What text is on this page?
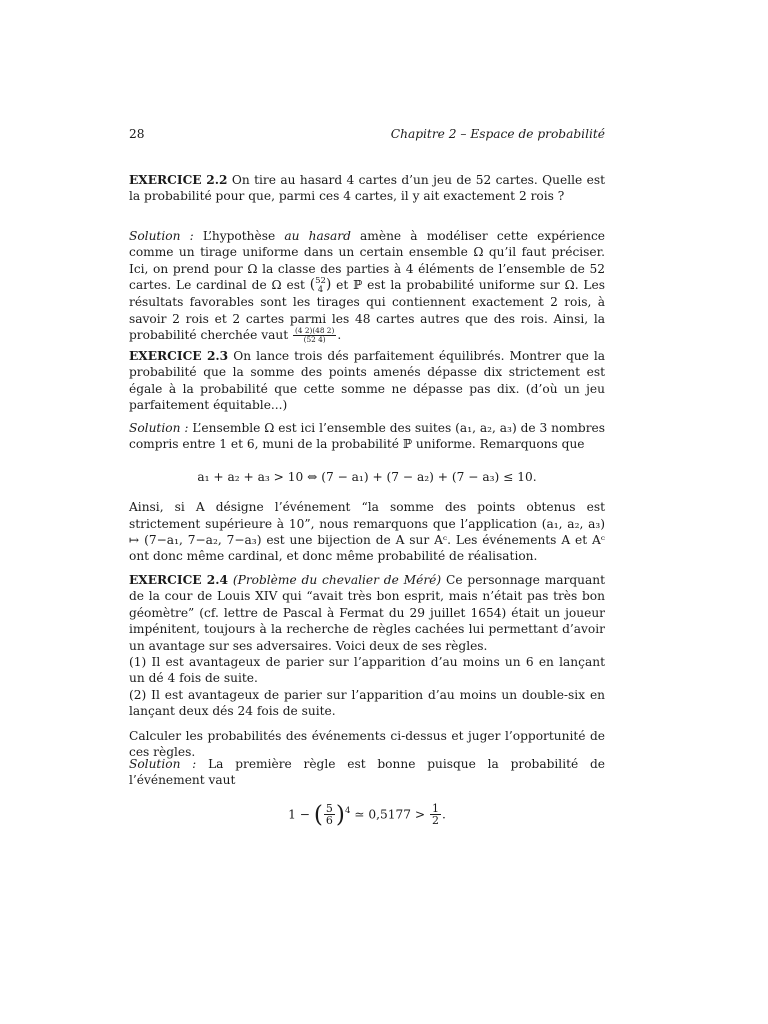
28	Chapitre 2 – Espace de probabilité

EXERCICE 2.2 On tire au hasard 4 cartes d’un jeu de 52 cartes. Quelle est la probabilité pour que, parmi ces 4 cartes, il y ait exactement 2 rois ?

Solution : L’hypothèse au hasard amène à modéliser cette expérience comme un tirage uniforme dans un certain ensemble Ω qu’il faut préciser. Ici, on prend pour Ω la classe des parties à 4 éléments de l’ensemble de 52 cartes. Le cardinal de Ω est ( 52
4 ) et ℙ est la probabilité uniforme sur Ω. Les résultats favorables sont les tirages qui contiennent exactement 2 rois, à savoir 2 rois et 2 cartes parmi les 48 cartes autres que des rois. Ainsi, la probabilité cherchée vaut $\frac{(4 2)(48 2)}{(52 4)}$ .

EXERCICE 2.3 On lance trois dés parfaitement équilibrés. Montrer que la probabilité que la somme des points amenés dépasse dix strictement est égale à la probabilité que cette somme ne dépasse pas dix. (d’où un jeu parfaitement équitable...)

Solution : L’ensemble Ω est ici l’ensemble des suites (a₁, a₂, a₃) de 3 nombres compris entre 1 et 6, muni de la probabilité ℙ uniforme. Remarquons que

a₁ + a₂ + a₃ > 10 ⇔ (7 − a₁) + (7 − a₂) + (7 − a₃) ≤ 10.

Ainsi, si A désigne l’événement “la somme des points obtenus est strictement supérieure à 10”, nous remarquons que l’application (a₁, a₂, a₃) ↦ (7−a₁, 7−a₂, 7−a₃) est une bijection de A sur Aᶜ. Les événements A et Aᶜ ont donc même cardinal, et donc même probabilité de réalisation.

EXERCICE 2.4 (Problème du chevalier de Méré) Ce personnage marquant de la cour de Louis XIV qui “avait très bon esprit, mais n’était pas très bon géomètre” (cf. lettre de Pascal à Fermat du 29 juillet 1654) était un joueur impénitent, toujours à la recherche de règles cachées lui permettant d’avoir un avantage sur ses adversaires. Voici deux de ses règles.

(1) Il est avantageux de parier sur l’apparition d’au moins un 6 en lançant un dé 4 fois de suite.

(2) Il est avantageux de parier sur l’apparition d’au moins un double-six en lançant deux dés 24 fois de suite.

Calculer les probabilités des événements ci-dessus et juger l’opportunité de ces règles.

Solution : La première règle est bonne puisque la probabilité de l’événement vaut

1 − ( $\frac{5}{6} )^4$ ≃ $0,5177 > \frac{1}{2}$ .
